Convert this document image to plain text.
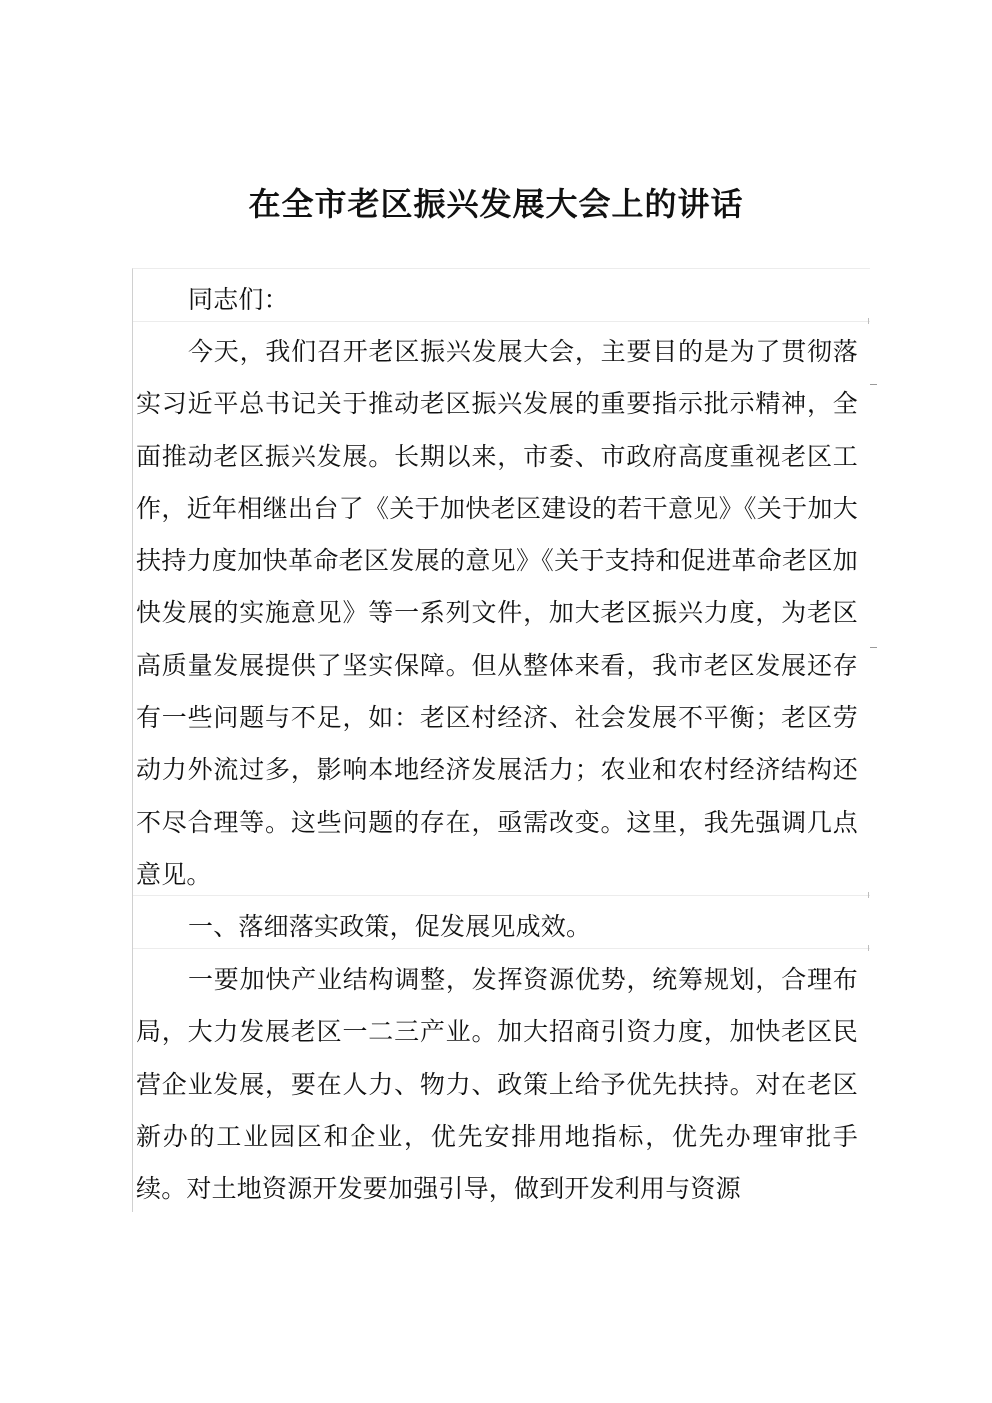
在全市老区振兴发展大会上的讲话

同志们：

今天，我们召开老区振兴发展大会，主要目的是为了贯彻落实习近平总书记关于推动老区振兴发展的重要指示批示精神，全面推动老区振兴发展。长期以来，市委、市政府高度重视老区工作，近年相继出台了《关于加快老区建设的若干意见》《关于加大扶持力度加快革命老区发展的意见》《关于支持和促进革命老区加快发展的实施意见》等一系列文件，加大老区振兴力度，为老区高质量发展提供了坚实保障。但从整体来看，我市老区发展还存有一些问题与不足，如：老区村经济、社会发展不平衡；老区劳动力外流过多，影响本地经济发展活力；农业和农村经济结构还不尽合理等。这些问题的存在，亟需改变。这里，我先强调几点意见。

一、落细落实政策，促发展见成效。

一要加快产业结构调整，发挥资源优势，统筹规划，合理布局，大力发展老区一二三产业。加大招商引资力度，加快老区民营企业发展，要在人力、物力、政策上给予优先扶持。对在老区新办的工业园区和企业，优先安排用地指标，优先办理审批手续。对土地资源开发要加强引导，做到开发利用与资源
